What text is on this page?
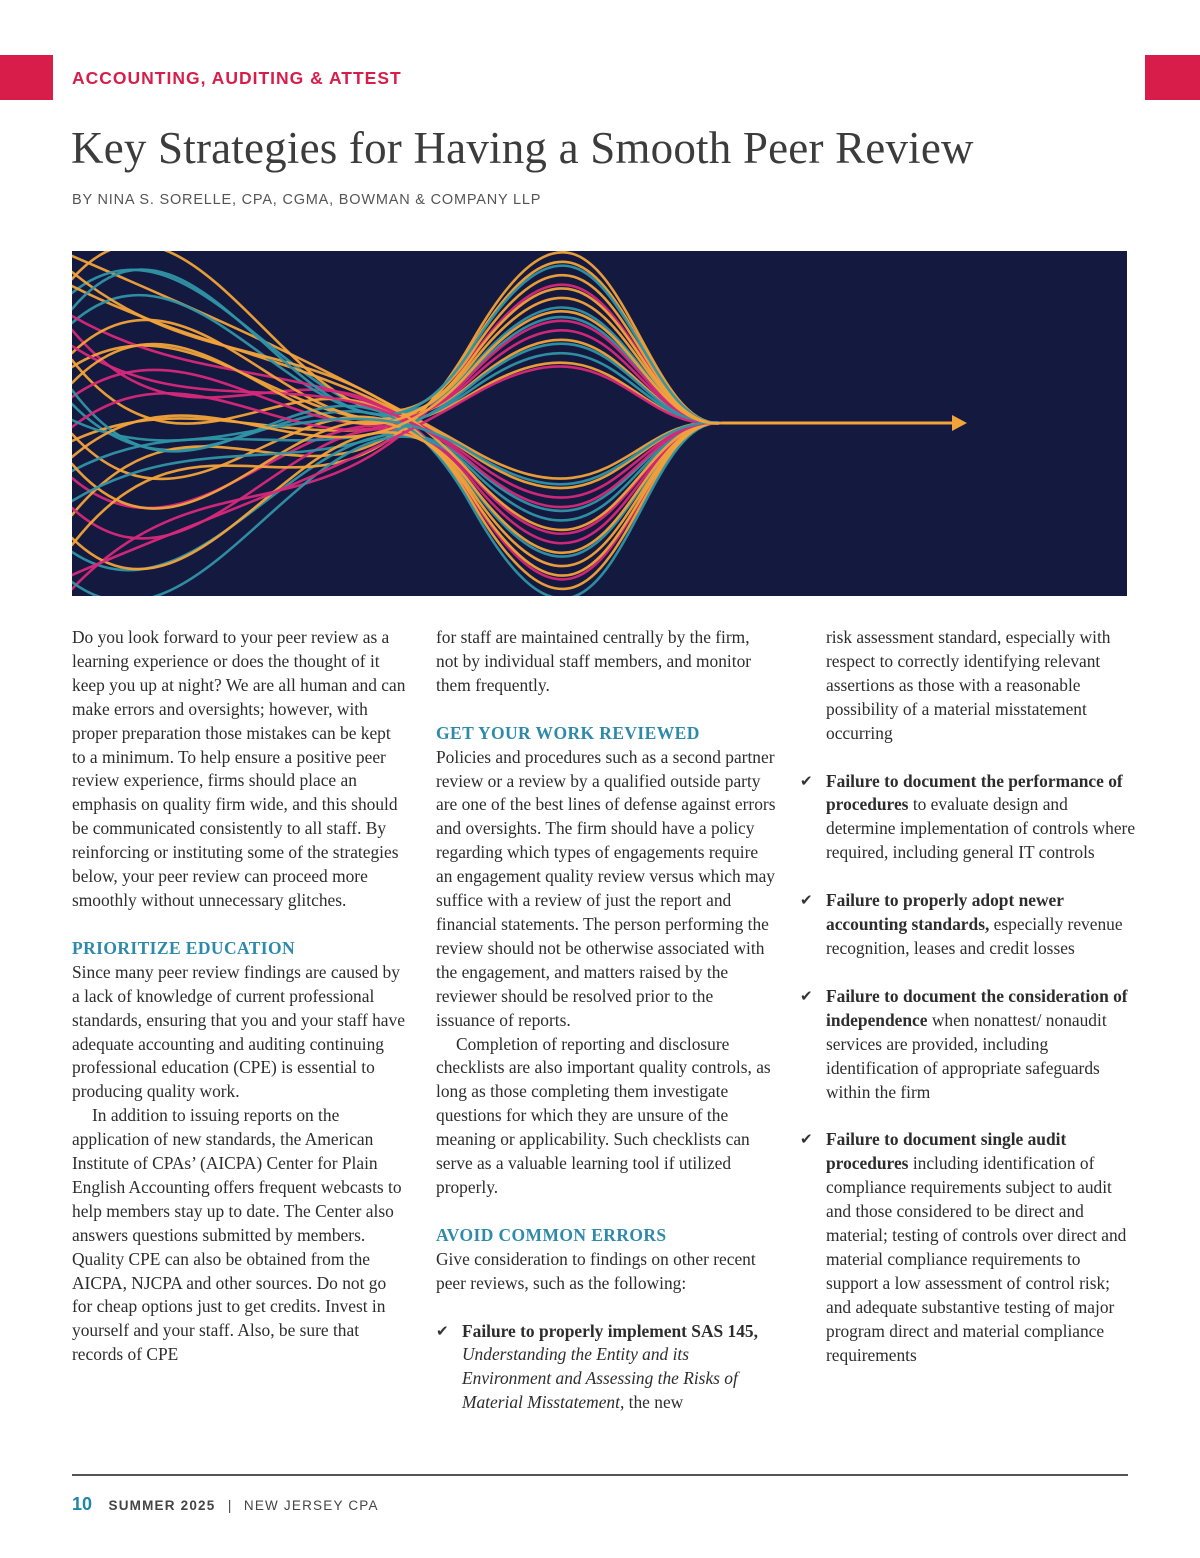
ACCOUNTING, AUDITING & ATTEST
Key Strategies for Having a Smooth Peer Review
BY NINA S. SORELLE, CPA, CGMA, BOWMAN & COMPANY LLP

Do you look forward to your peer review as a learning experience or does the thought of it keep you up at night? We are all human and can make errors and oversights; however, with proper preparation those mistakes can be kept to a minimum. To help ensure a positive peer review experience, firms should place an emphasis on quality firm wide, and this should be communicated consistently to all staff. By reinforcing or instituting some of the strategies below, your peer review can proceed more smoothly without unnecessary glitches.

PRIORITIZE EDUCATION

Since many peer review findings are caused by a lack of knowledge of current professional standards, ensuring that you and your staff have adequate accounting and auditing continuing professional education (CPE) is essential to producing quality work.

In addition to issuing reports on the application of new standards, the American Institute of CPAs’ (AICPA) Center for Plain English Accounting offers frequent webcasts to help members stay up to date. The Center also answers questions submitted by members. Quality CPE can also be obtained from the AICPA, NJCPA and other sources. Do not go for cheap options just to get credits. Invest in yourself and your staff. Also, be sure that records of CPE

for staff are maintained centrally by the firm, not by individual staff members, and monitor them frequently.

GET YOUR WORK REVIEWED

Policies and procedures such as a second partner review or a review by a qualified outside party are one of the best lines of defense against errors and oversights. The firm should have a policy regarding which types of engagements require an engagement quality review versus which may suffice with a review of just the report and financial statements. The person performing the review should not be otherwise associated with the engagement, and matters raised by the reviewer should be resolved prior to the issuance of reports.

Completion of reporting and disclosure checklists are also important quality controls, as long as those completing them investigate questions for which they are unsure of the meaning or applicability. Such checklists can serve as a valuable learning tool if utilized properly.

AVOID COMMON ERRORS

Give consideration to findings on other recent peer reviews, such as the following:

✔ Failure to properly implement SAS 145, Understanding the Entity and its Environment and Assessing the Risks of Material Misstatement, the new

risk assessment standard, especially with respect to correctly identifying relevant assertions as those with a reasonable possibility of a material misstatement occurring

✔ Failure to document the performance of procedures to evaluate design and determine implementation of controls where required, including general IT controls

✔ Failure to properly adopt newer accounting standards, especially revenue recognition, leases and credit losses

✔ Failure to document the consideration of independence when nonattest/ nonaudit services are provided, including identification of appropriate safeguards within the firm

✔ Failure to document single audit procedures including identification of compliance requirements subject to audit and those considered to be direct and material; testing of controls over direct and material compliance requirements to support a low assessment of control risk; and adequate substantive testing of major program direct and material compliance requirements

10 SUMMER 2025 | NEW JERSEY CPA
